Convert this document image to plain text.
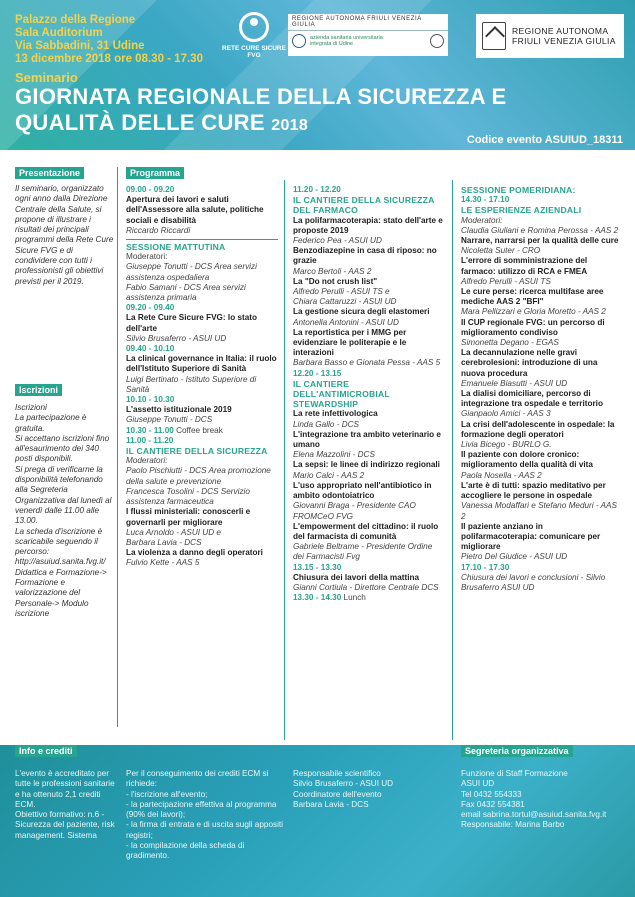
Palazzo della Regione
Sala Auditorium
Via Sabbadini, 31 Udine
13 dicembre 2018 ore 08.30 - 17.30
RETE CURE SICURE FVG
REGIONE AUTONOMA FRIULI VENEZIA GIULIA
azienda sanitaria universitaria
integrata di Udine
REGIONE AUTONOMA
FRIULI VENEZIA GIULIA
Seminario
GIORNATA REGIONALE DELLA SICUREZZA E
QUALITÀ DELLE CURE 2018
Codice evento ASUIUD_18311
Presentazione
Il seminario, organizzato ogni anno dalla Direzione Centrale della Salute, si propone di illustrare i risultati dei principali programmi della Rete Cure Sicure FVG e di condividere con tutti i professionisti gli obiettivi previsti per il 2019.
Iscrizioni
Iscrizioni
La partecipazione è gratuita.
Si accettano iscrizioni fino all'esaurimento dei 340 posti disponibili.
Si prega di verificarne la disponibilità telefonando alla Segreteria Organizzativa dal lunedì al venerdì dalle 11.00 alle 13.00.
La scheda d'iscrizione è scaricabile seguendo il percorso:
http://asuiud.sanita.fvg.it/ Didattica e Formazione-> Formazione e valorizzazione del Personale-> Modulo iscrizione
Programma
09.00 - 09.20
Apertura dei lavori e saluti dell'Assessore alla salute, politiche sociali e disabilità
Riccardo Riccardi
SESSIONE MATTUTINA
Moderatori:
Giuseppe Tonutti - DCS Area servizi assistenza ospedaliera
Fabio Samani - DCS Area servizi assistenza primaria
09.20 - 09.40
La Rete Cure Sicure FVG: lo stato dell'arte
Silvio Brusaferro - ASUI UD
09.40 - 10.10
La clinical governance in Italia: il ruolo dell'Istituto Superiore di Sanità
Luigi Bertinato - Istituto Superiore di Sanità
10.10 - 10.30
L'assetto istituzionale 2019
Giuseppe Tonutti - DCS
10.30 - 11.00 Coffee break
11.00 - 11.20
IL CANTIERE DELLA SICUREZZA
Moderatori:
Paolo Pischiutti - DCS Area promozione della salute e prevenzione
Francesca Tosolini - DCS Servizio assistenza farmaceutica
I flussi ministeriali: conoscerli e governarli per migliorare
Luca Arnoldo - ASUI UD e
Barbara Lavia - DCS
La violenza a danno degli operatori
Fulvio Kette - AAS 5
11.20 - 12.20
IL CANTIERE DELLA SICUREZZA DEL FARMACO
La polifarmacoterapia: stato dell'arte e proposte 2019
Federico Pea - ASUI UD
Benzodiazepine in casa di riposo: no grazie
Marco Bertoli - AAS 2
La "Do not crush list"
Alfredo Perulli - ASUI TS e
Chiara Cattaruzzi - ASUI UD
La gestione sicura degli elastomeri
Antonella Antonini - ASUI UD
La reportistica per i MMG per evidenziare le politerapie e le interazioni
Barbara Basso e Gionata Pessa - AAS 5
12.20 - 13.15
IL CANTIERE DELL'ANTIMICROBIAL STEWARDSHIP
La rete infettivologica
Linda Gallo - DCS
L'integrazione tra ambito veterinario e umano
Elena Mazzolini - DCS
La sepsi: le linee di indirizzo regionali
Mario Calci - AAS 2
L'uso appropriato nell'antibiotico in ambito odontoiatrico
Giovanni Braga - Presidente CAO FROMCeO FVG
L'empowerment del cittadino: il ruolo del farmacista di comunità
Gabriele Beltrame - Presidente Ordine dei Farmacisti Fvg
13.15 - 13.30
Chiusura dei lavori della mattina
Gianni Cortiula - Direttore Centrale DCS
13.30 - 14.30 Lunch
SESSIONE POMERIDIANA:
14.30 - 17.10
LE ESPERIENZE AZIENDALI
Moderatori:
Claudia Giuliani e Romina Perossa - AAS 2
Narrare, narrarsi per la qualità delle cure
Nicoletta Suter - CRO
L'errore di somministrazione del farmaco: utilizzo di RCA e FMEA
Alfredo Perulli - ASUI TS
Le cure perse: ricerca multifase aree mediche AAS 2 "BFI"
Mara Pellizzari e Gloria Moretto - AAS 2
Il CUP regionale FVG: un percorso di miglioramento condiviso
Simonetta Degano - EGAS
La decannulazione nelle gravi cerebrolesioni: introduzione di una nuova procedura
Emanuele Biasutti - ASUI UD
La dialisi domiciliare, percorso di integrazione tra ospedale e territorio
Gianpaolo Amici - AAS 3
La crisi dell'adolescente in ospedale: la formazione degli operatori
Livia Bicego - BURLO G.
Il paziente con dolore cronico: miglioramento della qualità di vita
Paola Nosella - AAS 2
L'arte è di tutti: spazio meditativo per accogliere le persone in ospedale
Vanessa Modaffari e Stefano Meduri - AAS 2
Il paziente anziano in polifarmacoterapia: comunicare per migliorare
Pietro Del Giudice - ASUI UD
17.10 - 17.30
Chiusura dei lavori e conclusioni - Silvio Brusaferro ASUI UD
Info e crediti	Segreteria organizzativa
L'evento è accreditato per tutte le professioni sanitarie e ha ottenuto 2,1 crediti ECM.
Obiettivo formativo: n.6 - Sicurezza del paziente, risk management. Sistema
Per il conseguimento dei crediti ECM si richiede:
- l'iscrizione all'evento;
- la partecipazione effettiva al programma (90% dei lavori);
- la firma di entrata e di uscita sugli appositi registri;
- la compilazione della scheda di gradimento.
Responsabile scientifico
Silvio Brusaferro - ASUI UD
Coordinatore dell'evento
Barbara Lavia - DCS
Funzione di Staff Formazione
ASUI UD
Tel 0432 554333
Fax 0432 554381
email sabrina.tortul@asuiud.sanita.fvg.it
Responsabile: Marina Barbo
